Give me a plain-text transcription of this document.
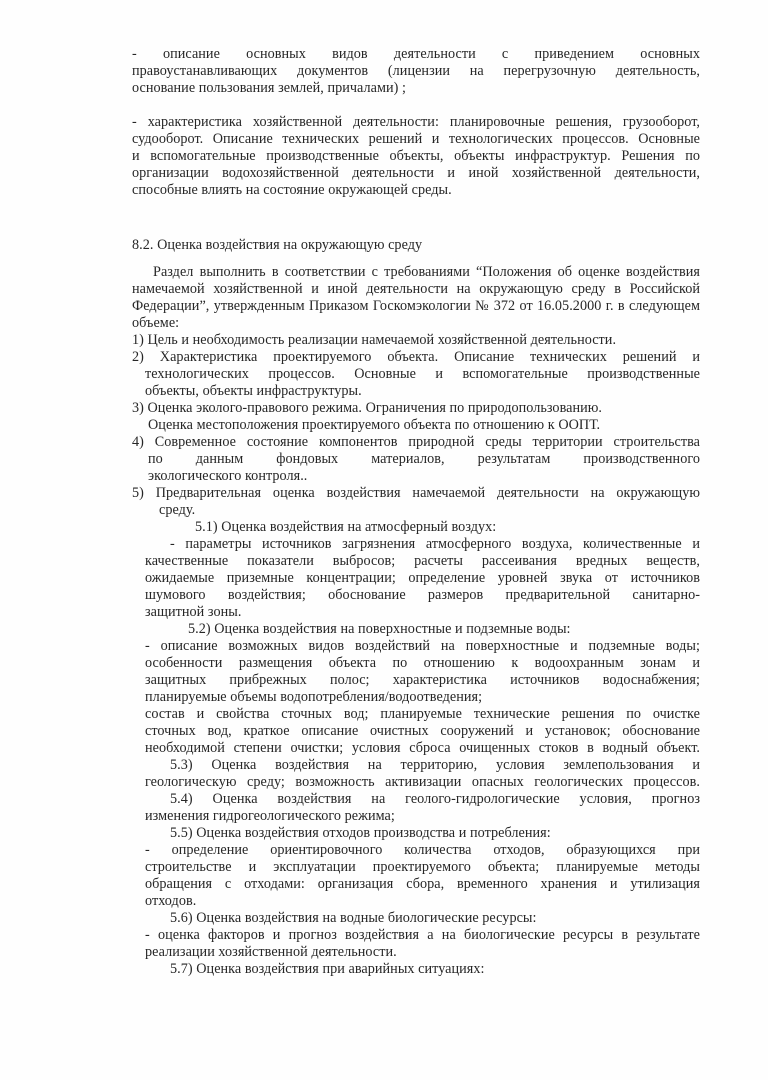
- описание основных видов деятельности с приведением основных
правоустанавливающих документов (лицензии на перегрузочную деятельность,
основание пользования землей, причалами) ;
- характеристика хозяйственной деятельности: планировочные решения, грузооборот,
судооборот. Описание технических решений и технологических процессов. Основные
и вспомогательные производственные объекты, объекты инфраструктур. Решения по
организации водохозяйственной деятельности и иной хозяйственной деятельности,
способные влиять на состояние окружающей среды.
8.2. Оценка воздействия на окружающую среду
Раздел выполнить в соответствии с требованиями “Положения об оценке воздействия
намечаемой хозяйственной и иной деятельности на окружающую среду в Российской
Федерации”, утвержденным Приказом Госкомэкологии № 372 от 16.05.2000 г. в следующем
объеме:
1) Цель и необходимость реализации намечаемой хозяйственной деятельности.
2) Характеристика проектируемого объекта. Описание технических решений и
технологических процессов. Основные и вспомогательные производственные
объекты, объекты инфраструктуры.
3) Оценка эколого-правового режима. Ограничения по природопользованию.
Оценка местоположения проектируемого объекта по отношению к ООПТ.
4) Современное состояние компонентов природной среды территории строительства
по данным фондовых материалов, результатам производственного
экологического контроля..
5) Предварительная оценка воздействия намечаемой деятельности на окружающую
среду.
5.1) Оценка воздействия на атмосферный воздух:
- параметры источников загрязнения атмосферного воздуха, количественные и
качественные показатели выбросов; расчеты рассеивания вредных веществ,
ожидаемые приземные концентрации; определение уровней звука от источников
шумового воздействия; обоснование размеров предварительной санитарно-
защитной зоны.
5.2) Оценка воздействия на поверхностные и подземные воды:
- описание возможных видов воздействий на поверхностные и подземные воды;
особенности размещения объекта по отношению к водоохранным зонам и
защитных прибрежных полос; характеристика источников водоснабжения;
планируемые объемы водопотребления/водоотведения;
состав и свойства сточных вод; планируемые технические решения по очистке
сточных вод, краткое описание очистных сооружений и установок; обоснование
необходимой степени очистки; условия сброса очищенных стоков в водный объект.
5.3) Оценка воздействия на территорию, условия землепользования и
геологическую среду; возможность активизации опасных геологических процессов.
5.4) Оценка воздействия на геолого-гидрологические условия, прогноз
изменения гидрогеологического режима;
5.5) Оценка воздействия отходов производства и потребления:
- определение ориентировочного количества отходов, образующихся при
строительстве и эксплуатации проектируемого объекта; планируемые методы
обращения с отходами: организация сбора, временного хранения и утилизация
отходов.
5.6) Оценка воздействия на водные биологические ресурсы:
- оценка факторов и прогноз воздействия а на биологические ресурсы в результате
реализации хозяйственной деятельности.
5.7) Оценка воздействия при аварийных ситуациях:
